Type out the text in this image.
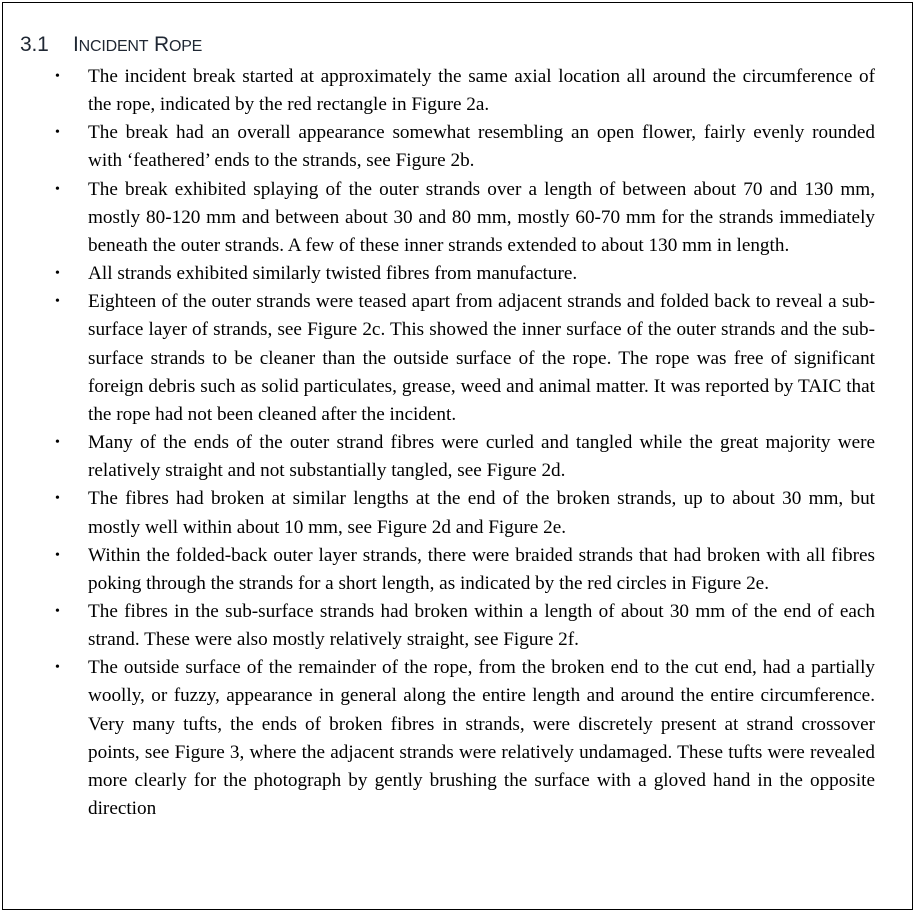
3.1 INCIDENT ROPE
• The incident break started at approximately the same axial location all around the circumference of the rope, indicated by the red rectangle in Figure 2a.
• The break had an overall appearance somewhat resembling an open flower, fairly evenly rounded with ‘feathered’ ends to the strands, see Figure 2b.
• The break exhibited splaying of the outer strands over a length of between about 70 and 130 mm, mostly 80-120 mm and between about 30 and 80 mm, mostly 60-70 mm for the strands immediately beneath the outer strands. A few of these inner strands extended to about 130 mm in length.
• All strands exhibited similarly twisted fibres from manufacture.
• Eighteen of the outer strands were teased apart from adjacent strands and folded back to reveal a sub-surface layer of strands, see Figure 2c. This showed the inner surface of the outer strands and the sub-surface strands to be cleaner than the outside surface of the rope. The rope was free of significant foreign debris such as solid particulates, grease, weed and animal matter. It was reported by TAIC that the rope had not been cleaned after the incident.
• Many of the ends of the outer strand fibres were curled and tangled while the great majority were relatively straight and not substantially tangled, see Figure 2d.
• The fibres had broken at similar lengths at the end of the broken strands, up to about 30 mm, but mostly well within about 10 mm, see Figure 2d and Figure 2e.
• Within the folded-back outer layer strands, there were braided strands that had broken with all fibres poking through the strands for a short length, as indicated by the red circles in Figure 2e.
• The fibres in the sub-surface strands had broken within a length of about 30 mm of the end of each strand. These were also mostly relatively straight, see Figure 2f.
• The outside surface of the remainder of the rope, from the broken end to the cut end, had a partially woolly, or fuzzy, appearance in general along the entire length and around the entire circumference. Very many tufts, the ends of broken fibres in strands, were discretely present at strand crossover points, see Figure 3, where the adjacent strands were relatively undamaged. These tufts were revealed more clearly for the photograph by gently brushing the surface with a gloved hand in the opposite direction
